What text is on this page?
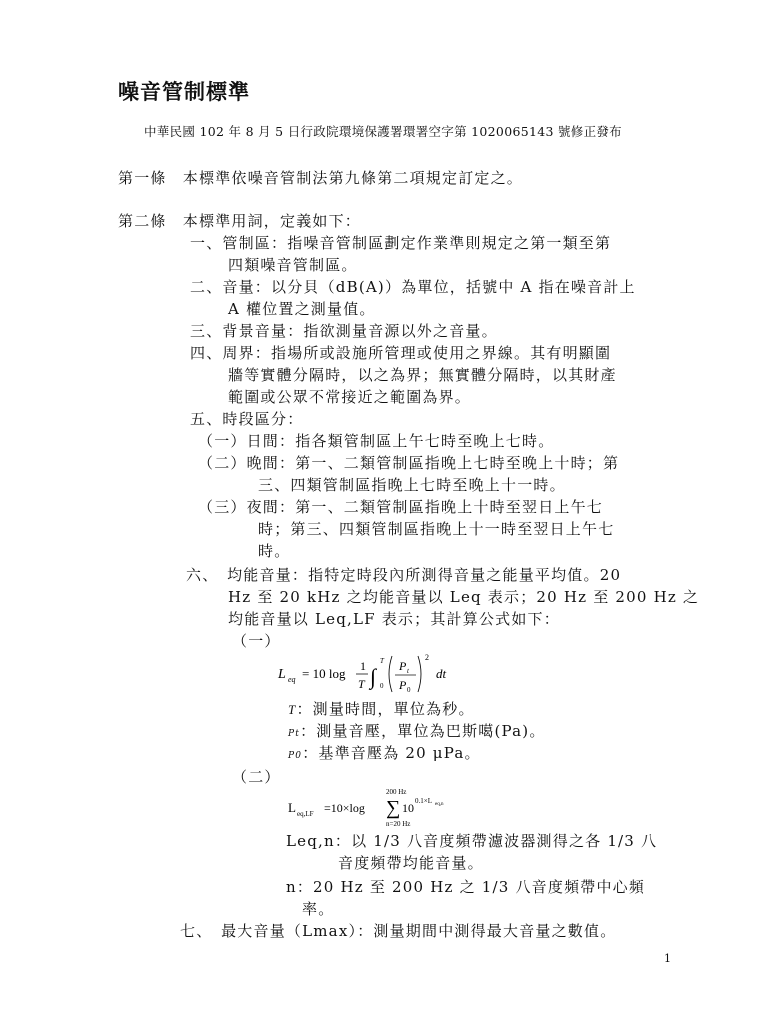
噪音管制標準
中華民國 102 年 8 月 5 日行政院環境保護署環署空字第 1020065143 號修正發布
第一條　本標準依噪音管制法第九條第二項規定訂定之。
第二條　本標準用詞，定義如下：
一、管制區：指噪音管制區劃定作業準則規定之第一類至第
四類噪音管制區。
二、音量：以分貝（dB(A)）為單位，括號中 A 指在噪音計上
A 權位置之測量值。
三、背景音量：指欲測量音源以外之音量。
四、周界：指場所或設施所管理或使用之界線。其有明顯圍
牆等實體分隔時，以之為界；無實體分隔時，以其財產
範圍或公眾不常接近之範圍為界。
五、時段區分：
（一）日間：指各類管制區上午七時至晚上七時。
（二）晚間：第一、二類管制區指晚上七時至晚上十時；第
三、四類管制區指晚上七時至晚上十一時。
（三）夜間：第一、二類管制區指晚上十時至翌日上午七
時；第三、四類管制區指晚上十一時至翌日上午七
時。
六、　均能音量：指特定時段內所測得音量之能量平均值。20
Hz 至 20 kHz 之均能音量以 Leq 表示；20 Hz 至 200 Hz 之
均能音量以 Leq,LF 表示；其計算公式如下：
（一）
L eq = 10 log 1
T ∫
T
0
P t
P 0
2
dt
T：測量時間，單位為秒。
Pt：測量音壓，單位為巴斯噶(Pa)。
P0：基準音壓為 20 μPa。
（二）
L eq,LF =10×log
200 Hz
∑
n=20 Hz
10 0.1×L eq,n
Leq,n：以 1/3 八音度頻帶濾波器測得之各 1/3 八
音度頻帶均能音量。
n：20 Hz 至 200 Hz 之 1/3 八音度頻帶中心頻
率。
七、　最大音量（Lmax）：測量期間中測得最大音量之數值。
1
